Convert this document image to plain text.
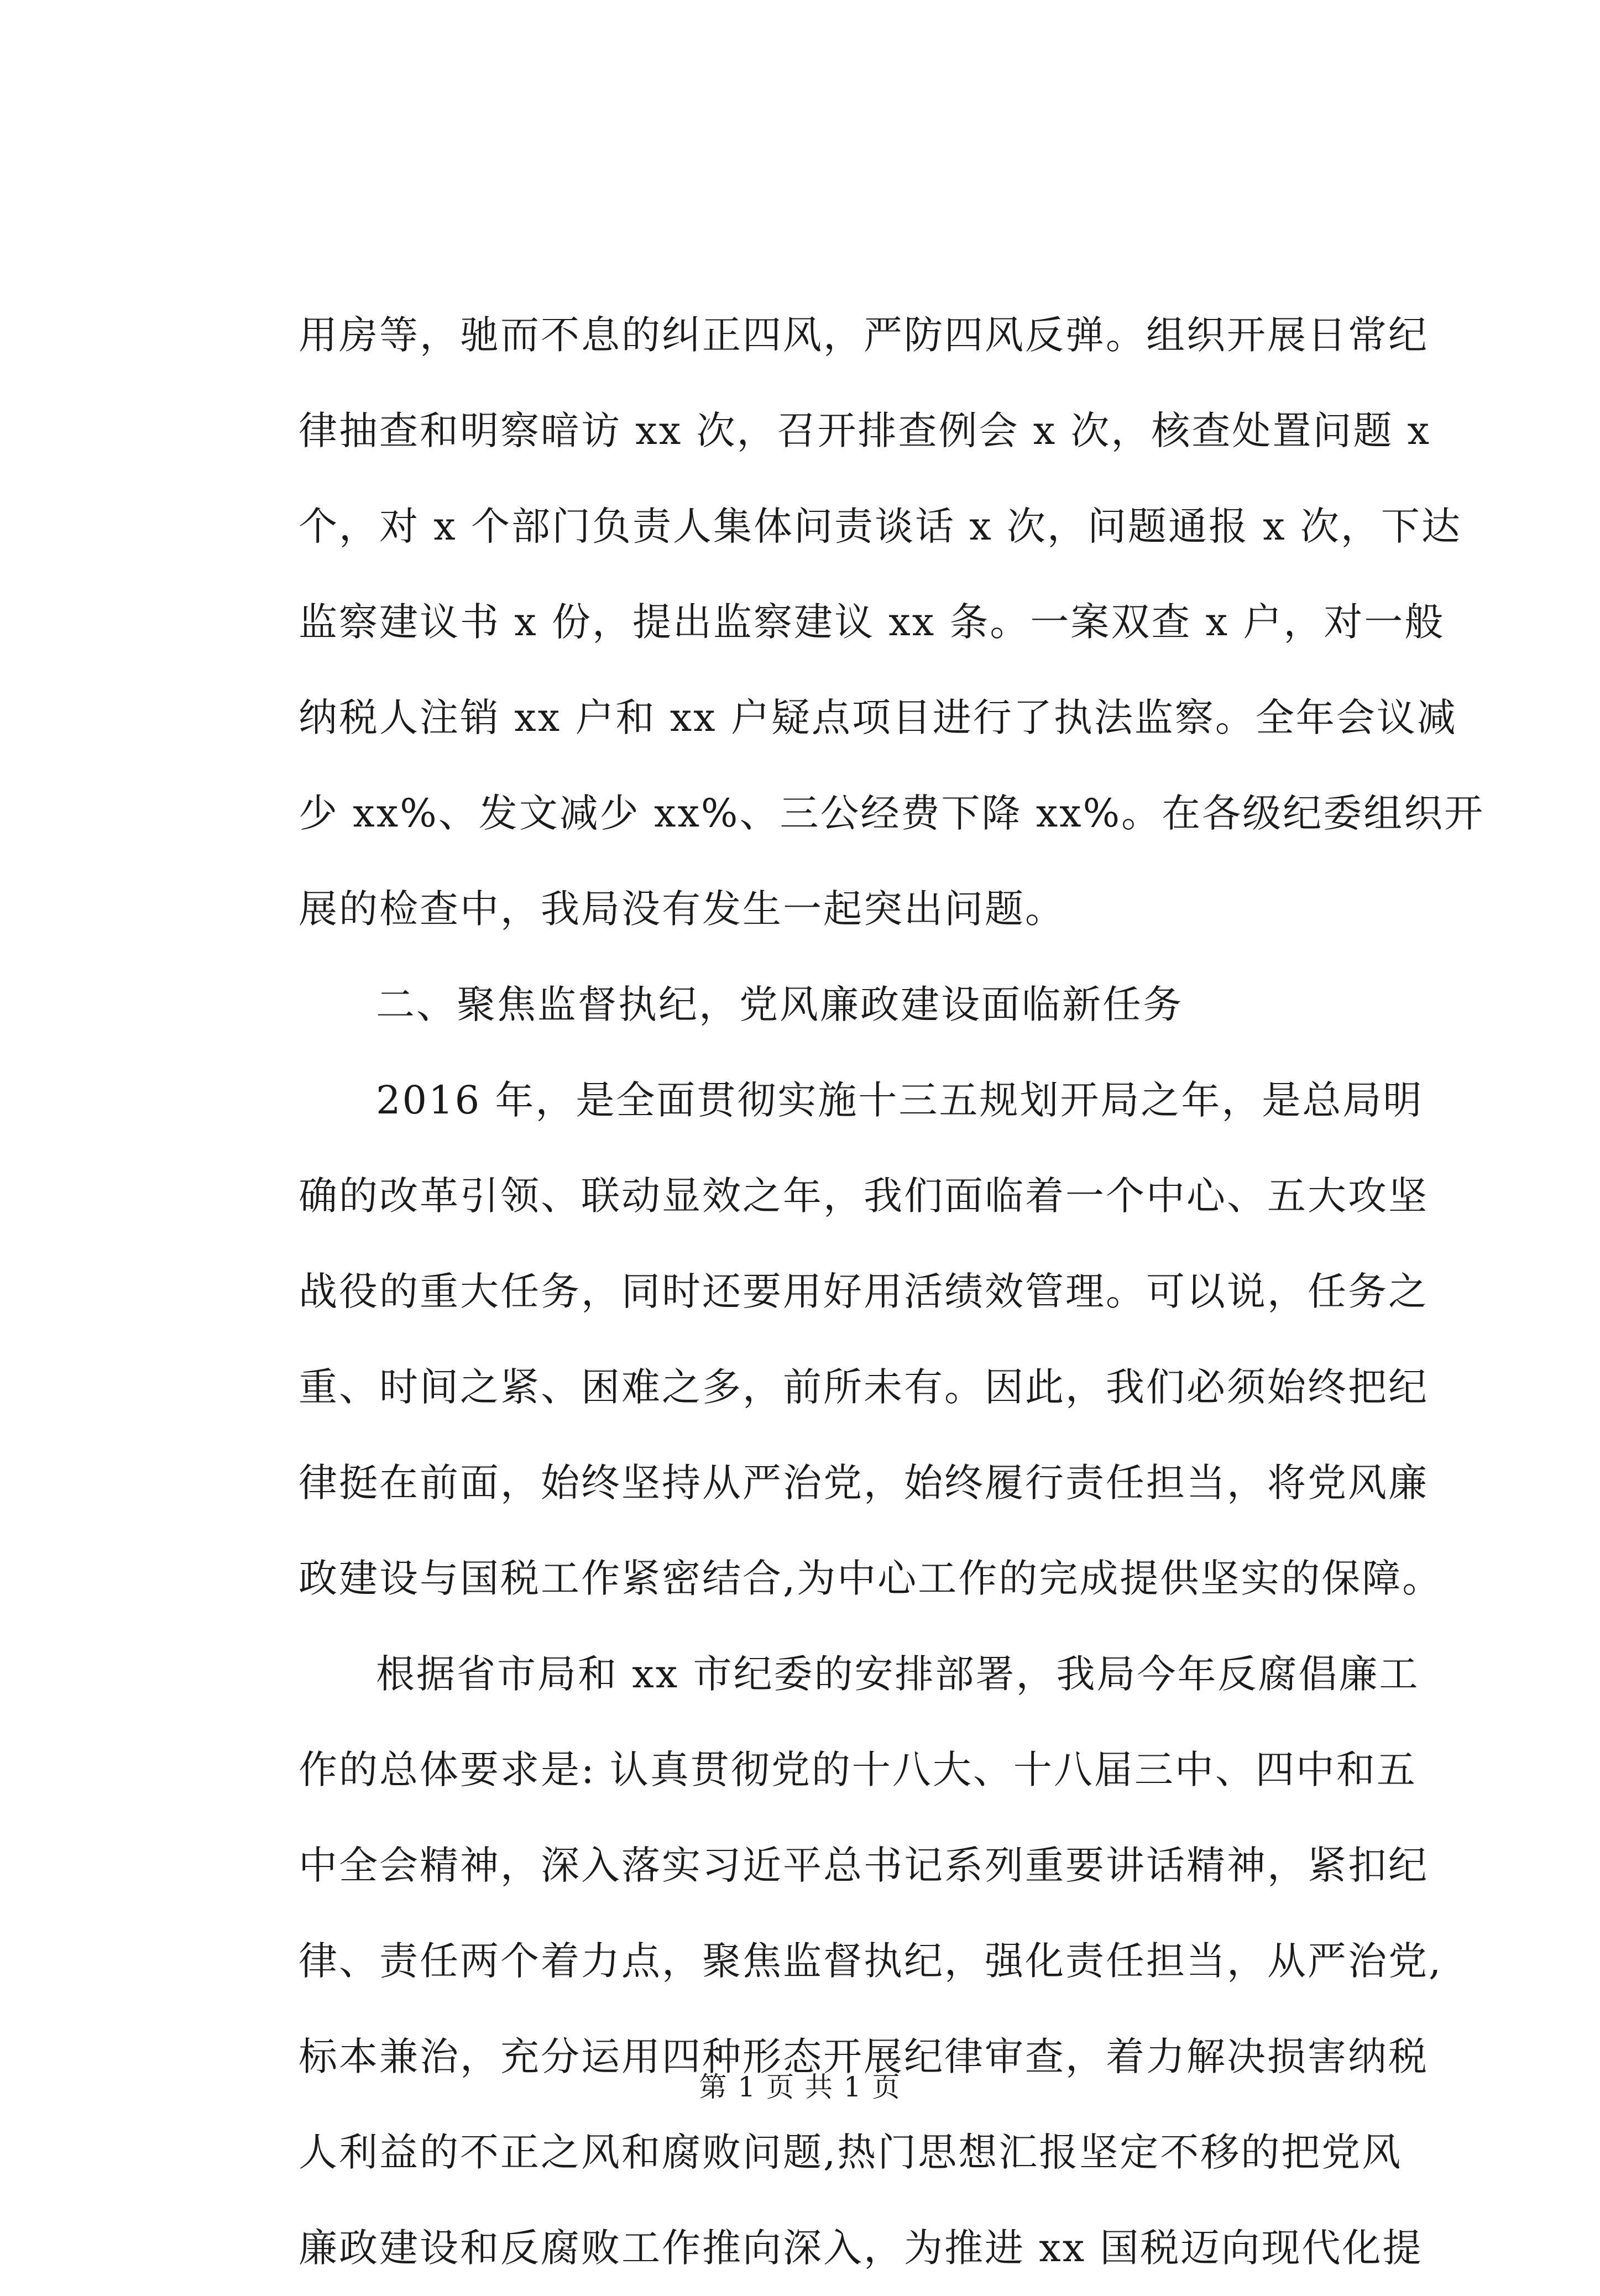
用房等，驰而不息的纠正四风，严防四风反弹。组织开展日常纪
律抽查和明察暗访 xx 次，召开排查例会 x 次，核查处置问题 x
个，对 x 个部门负责人集体问责谈话 x 次，问题通报 x 次，下达
监察建议书 x 份，提出监察建议 xx 条。一案双查 x 户，对一般
纳税人注销 xx 户和 xx 户疑点项目进行了执法监察。全年会议减
少 xx%、发文减少 xx%、三公经费下降 xx%。在各级纪委组织开
展的检查中，我局没有发生一起突出问题。
二、聚焦监督执纪，党风廉政建设面临新任务
2016 年，是全面贯彻实施十三五规划开局之年，是总局明
确的改革引领、联动显效之年，我们面临着一个中心、五大攻坚
战役的重大任务，同时还要用好用活绩效管理。可以说，任务之
重、时间之紧、困难之多，前所未有。因此，我们必须始终把纪
律挺在前面，始终坚持从严治党，始终履行责任担当，将党风廉
政建设与国税工作紧密结合,为中心工作的完成提供坚实的保障。
根据省市局和 xx 市纪委的安排部署，我局今年反腐倡廉工
作的总体要求是: 认真贯彻党的十八大、十八届三中、四中和五
中全会精神，深入落实习近平总书记系列重要讲话精神，紧扣纪
律、责任两个着力点，聚焦监督执纪，强化责任担当，从严治党,
标本兼治，充分运用四种形态开展纪律审查，着力解决损害纳税
人利益的不正之风和腐败问题,热门思想汇报坚定不移的把党风
廉政建设和反腐败工作推向深入，为推进 xx 国税迈向现代化提
第 1 页 共 1 页
